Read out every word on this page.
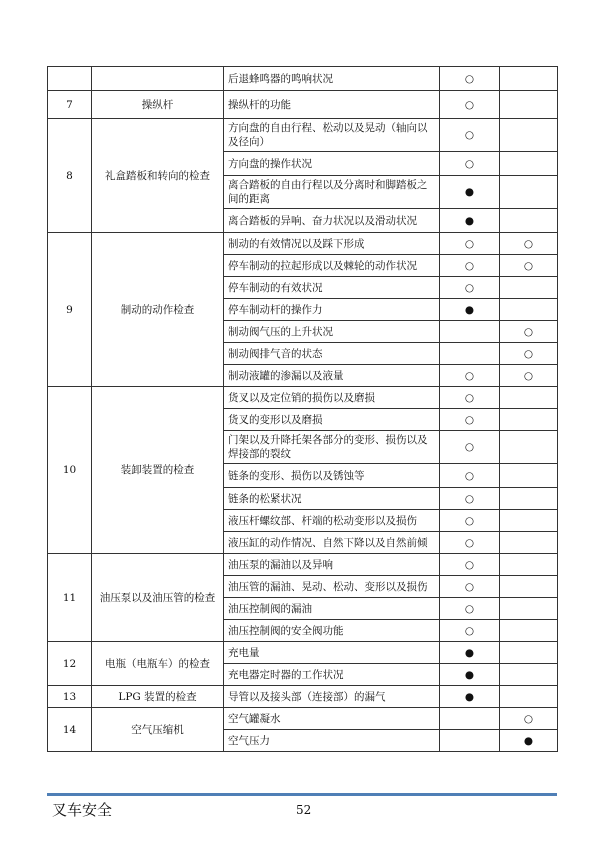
		后退蜂鸣器的鸣响状况	○	
7	操纵杆	操纵杆的功能	○	
8	礼盒踏板和转向的检查	方向盘的自由行程、松动以及晃动（轴向以及径向）	○	
		方向盘的操作状况	○	
		离合踏板的自由行程以及分离时和脚踏板之间的距离	●	
		离合踏板的异响、奋力状况以及滑动状况	●	
9	制动的动作检查	制动的有效情况以及踩下形成	○	○
		停车制动的拉起形成以及棘轮的动作状况	○	○
		停车制动的有效状况	○	
		停车制动杆的操作力	●	
		制动阀气压的上升状况		○
		制动阀排气音的状态		○
		制动液罐的渗漏以及液量	○	○
10	装卸装置的检查	货叉以及定位销的损伤以及磨损	○	
		货叉的变形以及磨损	○	
		门架以及升降托架各部分的变形、损伤以及焊接部的裂纹	○	
		链条的变形、损伤以及锈蚀等	○	
		链条的松紧状况	○	
		液压杆螺纹部、杆端的松动变形以及损伤	○	
		液压缸的动作情况、自然下降以及自然前倾	○	
11	油压泵以及油压管的检查	油压泵的漏油以及异响	○	
		油压管的漏油、晃动、松动、变形以及损伤	○	
		油压控制阀的漏油	○	
		油压控制阀的安全阀功能	○	
12	电瓶（电瓶车）的检查	充电量	●	
		充电器定时器的工作状况	●	
13	LPG 装置的检查	导管以及接头部（连接部）的漏气	●	
14	空气压缩机	空气罐凝水		○
		空气压力		●
叉车安全	52
